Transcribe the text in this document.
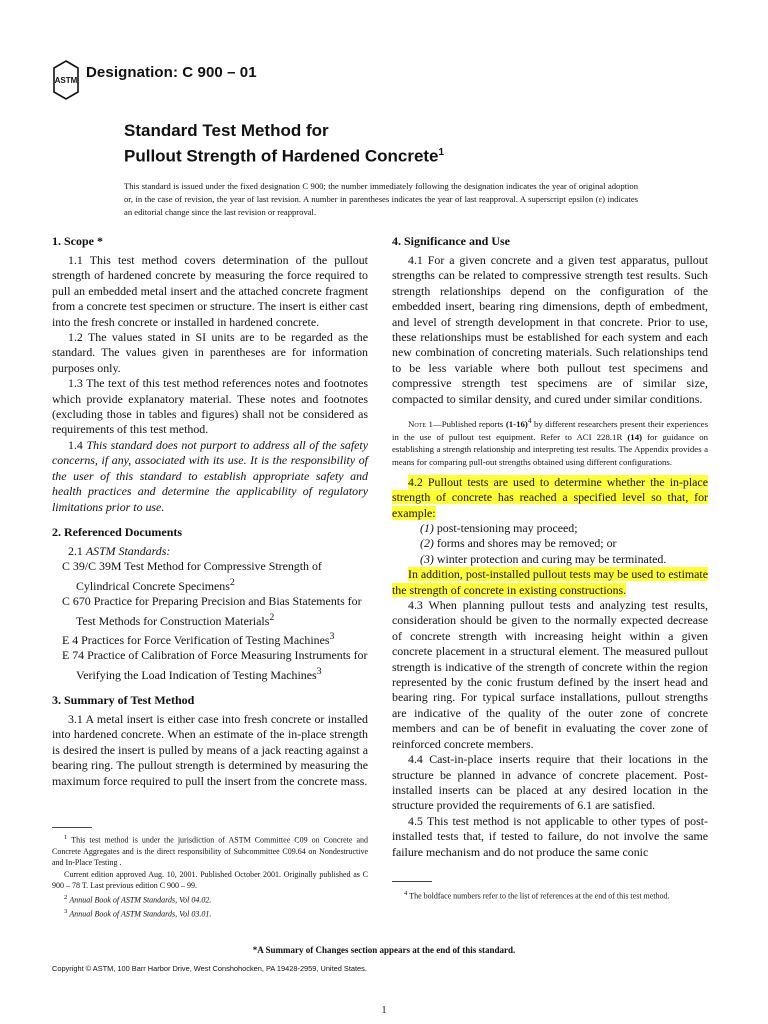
ASTM Designation: C 900 – 01
Standard Test Method for
Pullout Strength of Hardened Concrete$^1$
This standard is issued under the fixed designation C 900; the number immediately following the designation indicates the year of original adoption or, in the case of revision, the year of last revision. A number in parentheses indicates the year of last reapproval. A superscript epsilon (ε) indicates an editorial change since the last revision or reapproval.
1. Scope *

1.1 This test method covers determination of the pullout strength of hardened concrete by measuring the force required to pull an embedded metal insert and the attached concrete fragment from a concrete test specimen or structure. The insert is either cast into the fresh concrete or installed in hardened concrete.

1.2 The values stated in SI units are to be regarded as the standard. The values given in parentheses are for information purposes only.

1.3 The text of this test method references notes and footnotes which provide explanatory material. These notes and footnotes (excluding those in tables and figures) shall not be considered as requirements of this test method.

1.4 This standard does not purport to address all of the safety concerns, if any, associated with its use. It is the responsibility of the user of this standard to establish appropriate safety and health practices and determine the applicability of regulatory limitations prior to use.

2. Referenced Documents

2.1 ASTM Standards:

C 39/C 39M Test Method for Compressive Strength of Cylindrical Concrete Specimens$^2$
C 670 Practice for Preparing Precision and Bias Statements for Test Methods for Construction Materials$^2$
E 4 Practices for Force Verification of Testing Machines$^3$
E 74 Practice of Calibration of Force Measuring Instruments for Verifying the Load Indication of Testing Machines$^3$
3. Summary of Test Method

3.1 A metal insert is either case into fresh concrete or installed into hardened concrete. When an estimate of the in-place strength is desired the insert is pulled by means of a jack reacting against a bearing ring. The pullout strength is determined by measuring the maximum force required to pull the insert from the concrete mass.

$^1$ This test method is under the jurisdiction of ASTM Committee C09 on Concrete and Concrete Aggregates and is the direct responsibility of Subcommittee C09.64 on Nondestructive and In-Place Testing .

Current edition approved Aug. 10, 2001. Published October 2001. Originally published as C 900 – 78 T. Last previous edition C 900 – 99.

$^2$ Annual Book of ASTM Standards, Vol 04.02.

$^3$ Annual Book of ASTM Standards, Vol 03.01.

4. Significance and Use

4.1 For a given concrete and a given test apparatus, pullout strengths can be related to compressive strength test results. Such strength relationships depend on the configuration of the embedded insert, bearing ring dimensions, depth of embedment, and level of strength development in that concrete. Prior to use, these relationships must be established for each system and each new combination of concreting materials. Such relationships tend to be less variable where both pullout test specimens and compressive strength test specimens are of similar size, compacted to similar density, and cured under similar conditions.

Note 1—Published reports $(1-16)^4$ by different researchers present their experiences in the use of pullout test equipment. Refer to ACI 228.1R (14) for guidance on establishing a strength relationship and interpreting test results. The Appendix provides a means for comparing pull-out strengths obtained using different configurations.

4.2 Pullout tests are used to determine whether the in-place strength of concrete has reached a specified level so that, for example:

(1) post-tensioning may proceed;
(2) forms and shores may be removed; or
(3) winter protection and curing may be terminated.

In addition, post-installed pullout tests may be used to estimate the strength of concrete in existing constructions.

4.3 When planning pullout tests and analyzing test results, consideration should be given to the normally expected decrease of concrete strength with increasing height within a given concrete placement in a structural element. The measured pullout strength is indicative of the strength of concrete within the region represented by the conic frustum defined by the insert head and bearing ring. For typical surface installations, pullout strengths are indicative of the quality of the outer zone of concrete members and can be of benefit in evaluating the cover zone of reinforced concrete members.

4.4 Cast-in-place inserts require that their locations in the structure be planned in advance of concrete placement. Post-installed inserts can be placed at any desired location in the structure provided the requirements of 6.1 are satisfied.

4.5 This test method is not applicable to other types of post-installed tests that, if tested to failure, do not involve the same failure mechanism and do not produce the same conic

$^4$ The boldface numbers refer to the list of references at the end of this test method.

*A Summary of Changes section appears at the end of this standard.
Copyright © ASTM, 100 Barr Harbor Drive, West Conshohocken, PA 19428-2959, United States.
1
